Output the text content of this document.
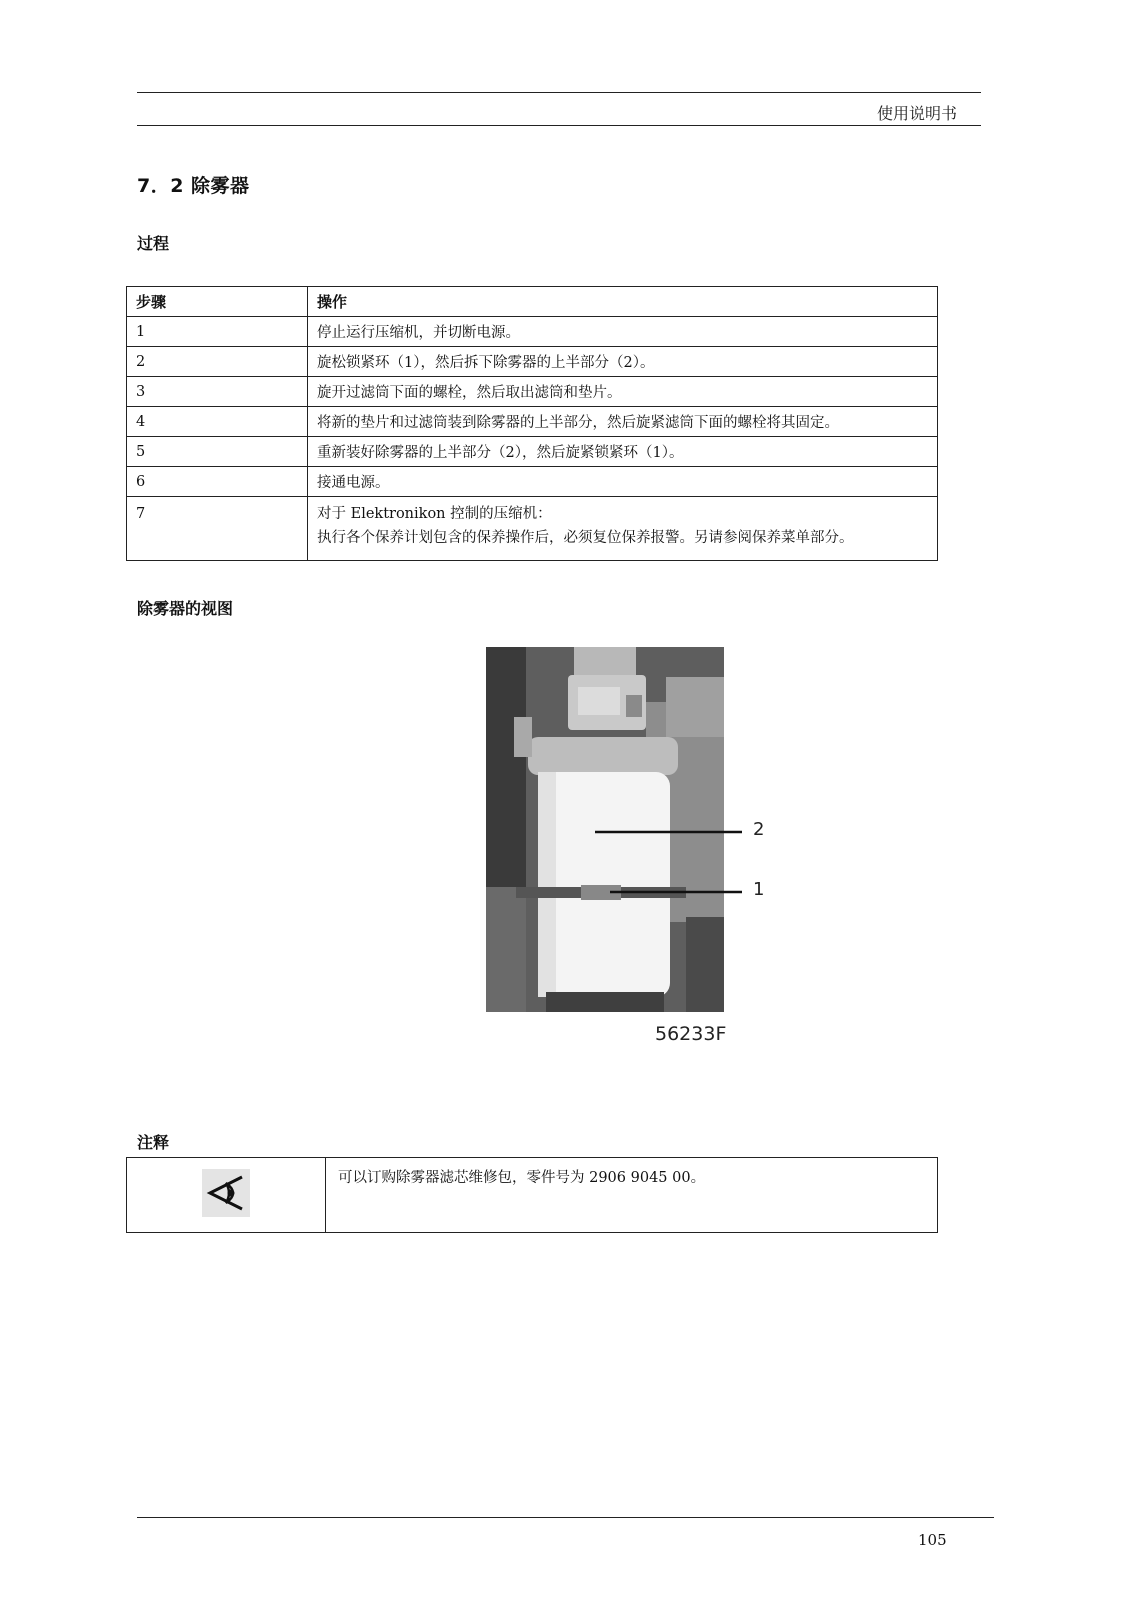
使用说明书
7．2 除雾器
过程
步骤	操作
1	停止运行压缩机，并切断电源。
2	旋松锁紧环（1），然后拆下除雾器的上半部分（2）。
3	旋开过滤筒下面的螺栓，然后取出滤筒和垫片。
4	将新的垫片和过滤筒装到除雾器的上半部分，然后旋紧滤筒下面的螺栓将其固定。
5	重新装好除雾器的上半部分（2），然后旋紧锁紧环（1）。
6	接通电源。
7	对于 Elektronikon 控制的压缩机：
执行各个保养计划包含的保养操作后，必须复位保养报警。另请参阅保养菜单部分。
除雾器的视图
2
1
56233F
注释
	可以订购除雾器滤芯维修包，零件号为 2906 9045 00。
105
